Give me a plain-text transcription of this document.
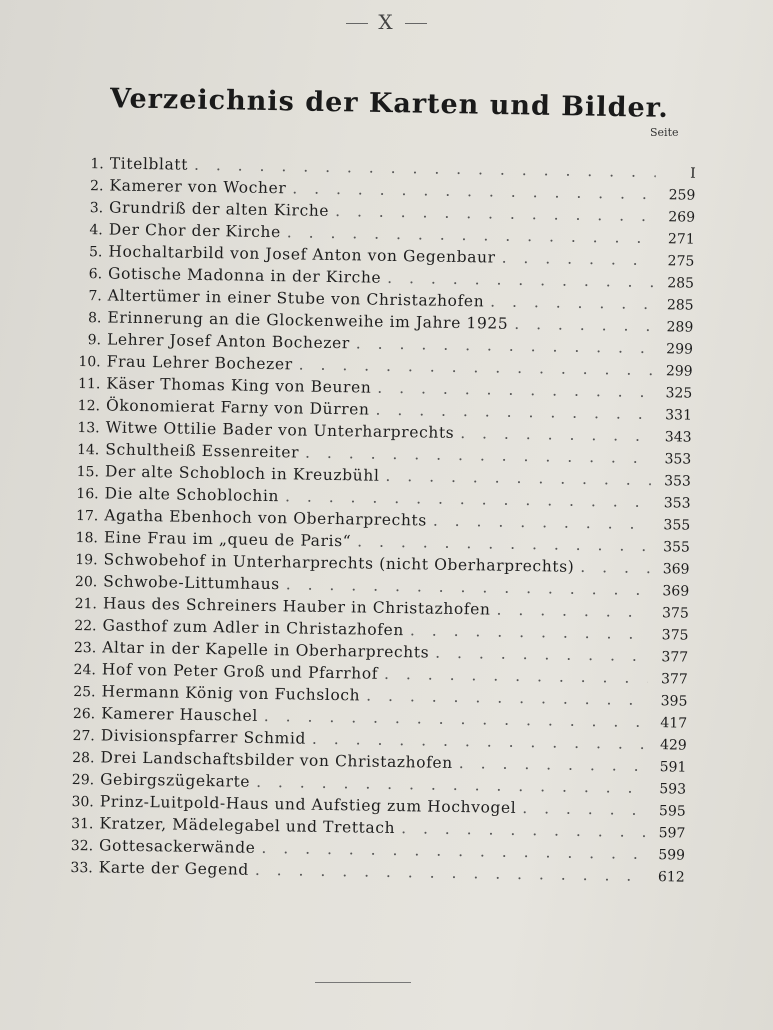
X
Verzeichnis der Karten und Bilder.
Seite
1. Titelblatt . . .	I
2. Kamerer von Wocher . . .	259
3. Grundriß der alten Kirche . . .	269
4. Der Chor der Kirche . . .	271
5. Hochaltarbild von Josef Anton von Gegenbaur . . .	275
6. Gotische Madonna in der Kirche . . .	285
7. Altertümer in einer Stube von Christazhofen . . .	285
8. Erinnerung an die Glockenweihe im Jahre 1925 . . .	289
9. Lehrer Josef Anton Bochezer . . .	299
10. Frau Lehrer Bochezer . . .	299
11. Käser Thomas King von Beuren . . .	325
12. Ökonomierat Farny von Dürren . . .	331
13. Witwe Ottilie Bader von Unterharprechts . . .	343
14. Schultheiß Essenreiter . . .	353
15. Der alte Schobloch in Kreuzbühl . . .	353
16. Die alte Schoblochin . . .	353
17. Agatha Ebenhoch von Oberharprechts . . .	355
18. Eine Frau im „queu de Paris“ . . .	355
19. Schwobehof in Unterharprechts (nicht Oberharprechts) . . .	369
20. Schwobe-Littumhaus . . .	369
21. Haus des Schreiners Hauber in Christazhofen . . .	375
22. Gasthof zum Adler in Christazhofen . . .	375
23. Altar in der Kapelle in Oberharprechts . . .	377
24. Hof von Peter Groß und Pfarrhof . . .	377
25. Hermann König von Fuchsloch . . .	395
26. Kamerer Hauschel . . .	417
27. Divisionspfarrer Schmid . . .	429
28. Drei Landschaftsbilder von Christazhofen . . .	591
29. Gebirgszügekarte . . .	593
30. Prinz-Luitpold-Haus und Aufstieg zum Hochvogel . . .	595
31. Kratzer, Mädelegabel und Trettach . . .	597
32. Gottesackerwände . . .	599
33. Karte der Gegend . . .	612
